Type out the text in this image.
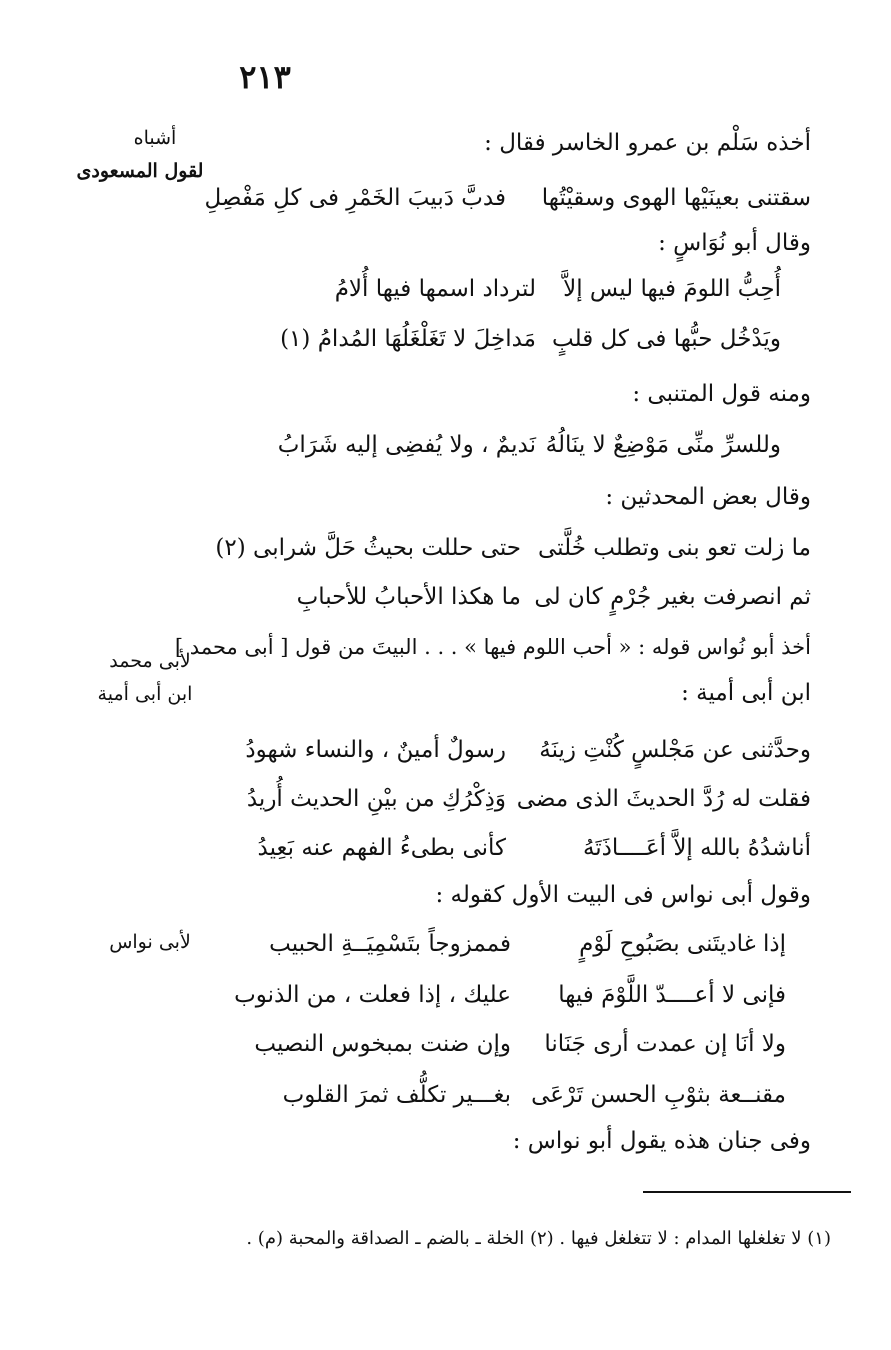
٢١٣
أشباه
لقول المسعودى
لأبى محمد
ابن أبى أمية
لأبى نواس
أخذه سَلْم بن عمرو الخاسر فقال :
سقتنى بعينَيْها الهوى وسقيْتُها
فدبَّ دَبيبَ الخَمْرِ فى كلِ مَفْصِلِ
وقال أبو نُوَاسٍ :
أُحِبُّ اللومَ فيها ليس إلاَّ
لترداد اسمها فيها أُلامُ
ويَدْخُل حبُّها فى كل قلبٍ
مَداخِلَ لا تَغَلْغَلُهَا المُدامُ (١)
ومنه قول المتنبى :
وللسرِّ منِّى مَوْضِعٌ لا ينَالُهُ
نَديمٌ ، ولا يُفضِى إليه شَرَابُ
وقال بعض المحدثين :
ما زلت تعو بنى وتطلب خُلَّتى
حتى حللت بحيثُ حَلَّ شرابى (٢)
ثم انصرفت بغير جُرْمٍ كان لى
ما هكذا الأحبابُ للأحبابِ
أخذ أبو نُواس قوله : « أحب اللوم فيها » . . . البيتَ من قول [ أبى محمد ]
ابن أبى أمية :
وحدَّثنى عن مَجْلسٍ كُنْتِ زينَهُ
رسولٌ أمينٌ ، والنساء شهودُ
فقلت له رُدَّ الحديثَ الذى مضى
وَذِكْرُكِ من بيْنِ الحديث أُريدُ
أناشدُهُ بالله إلاَّ أعَــــاذَتَهُ
كأنى بطىءُ الفهم عنه بَعِيدُ
وقول أبى نواس فى البيت الأول كقوله :
إذا غاديتَنى بصَبُوحِ لَوْمٍ
فممزوجاً بتَسْمِيَــةِ الحبيب
فإنى لا أعــــدّ اللَّوْمَ فيها
عليك ، إذا فعلت ، من الذنوب
ولا أنَا إن عمدت أرى جَنَانا
وإن ضنت بمبخوس النصيب
مقنــعة بثوْبِ الحسن تَرْعَى
بغـــير تكلُّف ثمرَ القلوب
وفى جنان هذه يقول أبو نواس :
(١) لا تغلغلها المدام : لا تتغلغل فيها . (٢) الخلة ـ بالضم ـ الصداقة والمحبة (م) .
